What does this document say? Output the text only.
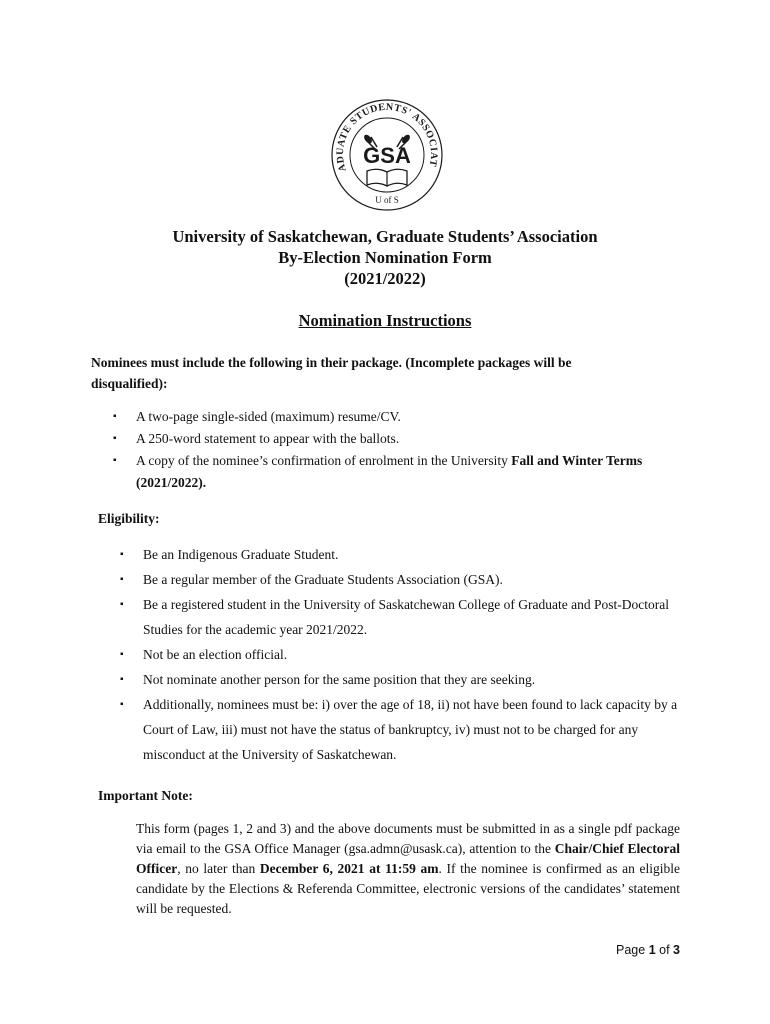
ADUATE STUDENTS' ASSOCIAT
GSA
U of S
University of Saskatchewan, Graduate Students’ Association
By-Election Nomination Form
(2021/2022)
Nomination Instructions
Nominees must include the following in their package. (Incomplete packages will be disqualified):
▪ A two-page single-sided (maximum) resume/CV.
▪ A 250-word statement to appear with the ballots.
▪ A copy of the nominee’s confirmation of enrolment in the University Fall and Winter Terms (2021/2022).
Eligibility:
▪ Be an Indigenous Graduate Student.
▪ Be a regular member of the Graduate Students Association (GSA).
▪ Be a registered student in the University of Saskatchewan College of Graduate and Post-Doctoral Studies for the academic year 2021/2022.
▪ Not be an election official.
▪ Not nominate another person for the same position that they are seeking.
▪ Additionally, nominees must be: i) over the age of 18, ii) not have been found to lack capacity by a Court of Law, iii) must not have the status of bankruptcy, iv) must not to be charged for any misconduct at the University of Saskatchewan.
Important Note:
This form (pages 1, 2 and 3) and the above documents must be submitted in as a single pdf package via email to the GSA Office Manager (gsa.admn@usask.ca), attention to the Chair/Chief Electoral Officer, no later than December 6, 2021 at 11:59 am. If the nominee is confirmed as an eligible candidate by the Elections & Referenda Committee, electronic versions of the candidates’ statement will be requested.
Page 1 of 3
